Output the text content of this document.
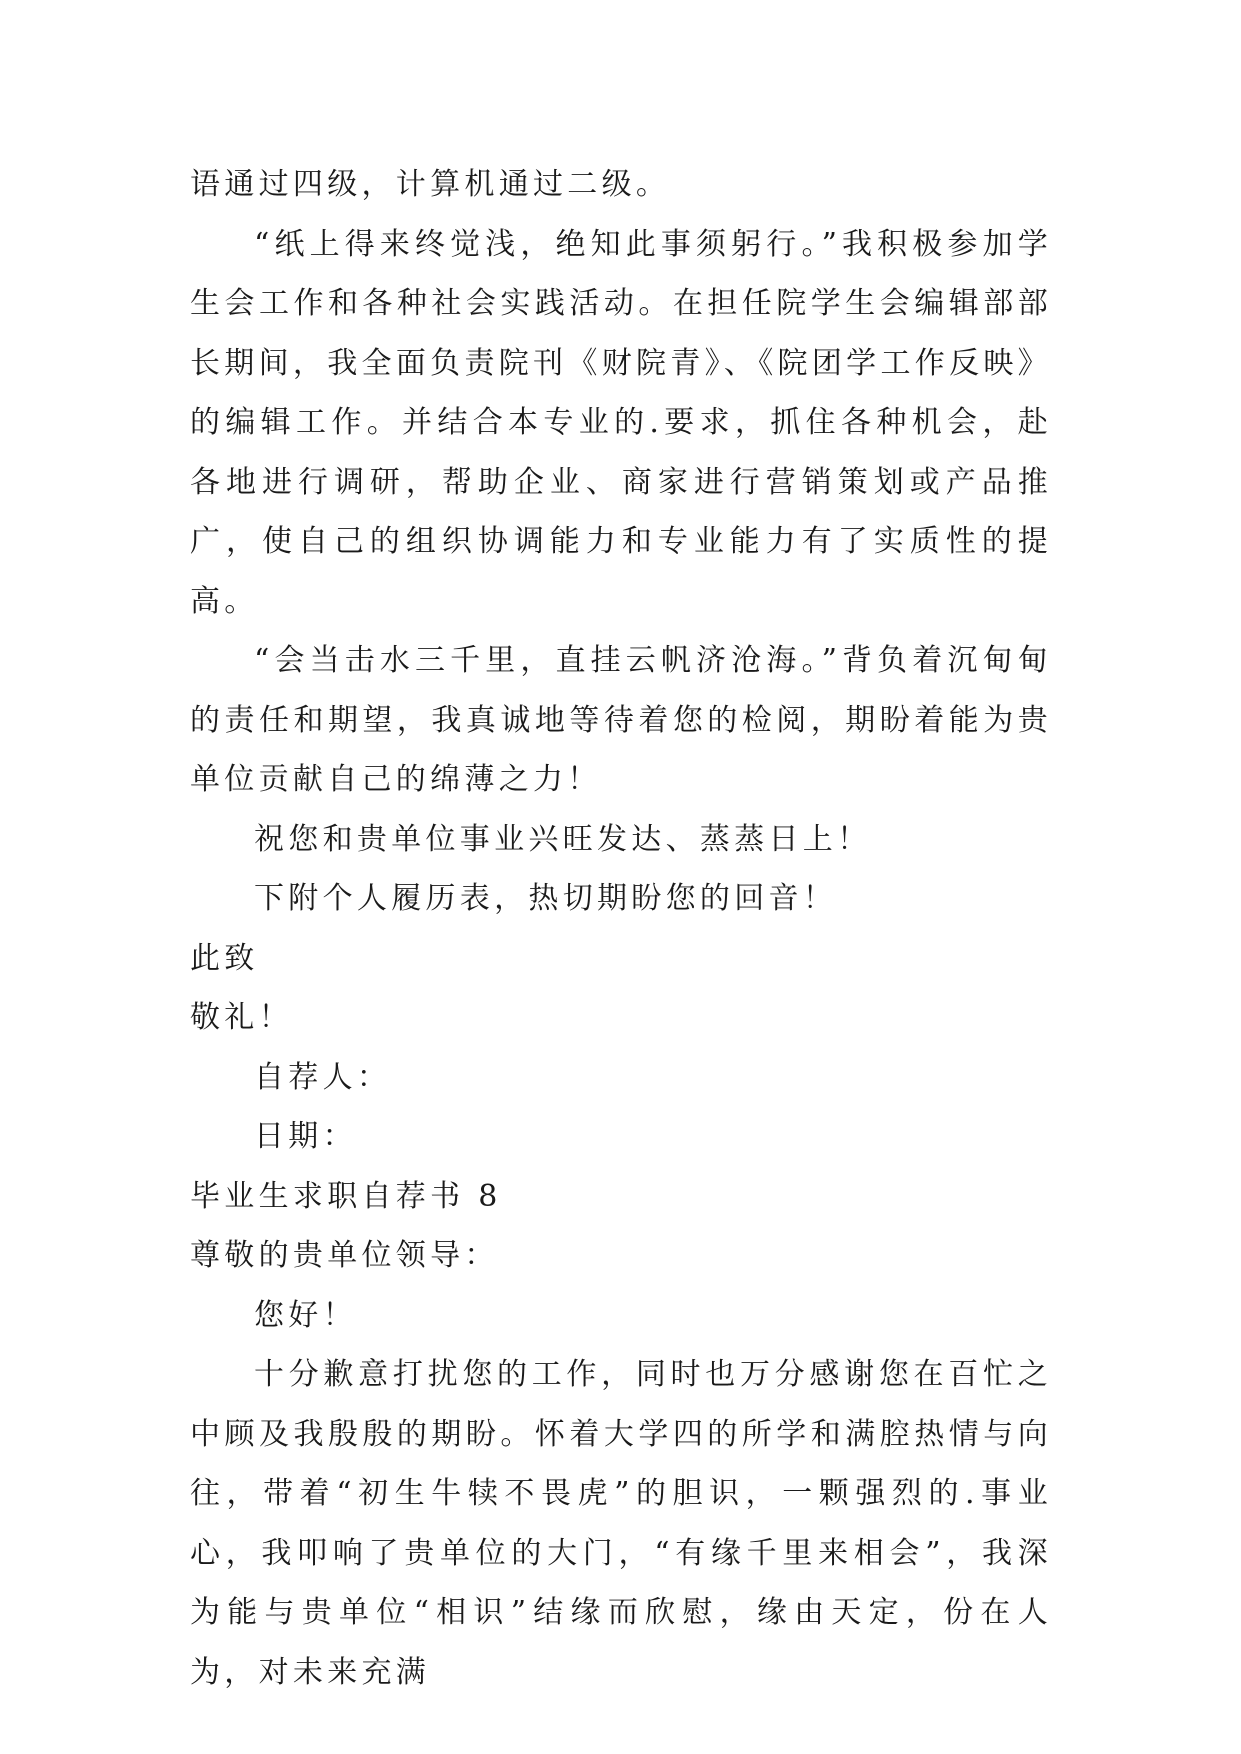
语通过四级，计算机通过二级。

“纸上得来终觉浅，绝知此事须躬行。”我积极参加学生会工作和各种社会实践活动。在担任院学生会编辑部部长期间，我全面负责院刊《财院青》、《院团学工作反映》的编辑工作。并结合本专业的.要求，抓住各种机会，赴各地进行调研，帮助企业、商家进行营销策划或产品推广，使自己的组织协调能力和专业能力有了实质性的提高。

“会当击水三千里，直挂云帆济沧海。”背负着沉甸甸的责任和期望，我真诚地等待着您的检阅，期盼着能为贵单位贡献自己的绵薄之力！

祝您和贵单位事业兴旺发达、蒸蒸日上！

下附个人履历表，热切期盼您的回音！

此致

敬礼！

自荐人：

日期：

毕业生求职自荐书 8

尊敬的贵单位领导：

您好！

十分歉意打扰您的工作，同时也万分感谢您在百忙之中顾及我殷殷的期盼。怀着大学四的所学和满腔热情与向往，带着“初生牛犊不畏虎”的胆识，一颗强烈的.事业心，我叩响了贵单位的大门，“有缘千里来相会”，我深为能与贵单位“相识”结缘而欣慰，缘由天定，份在人为，对未来充满
